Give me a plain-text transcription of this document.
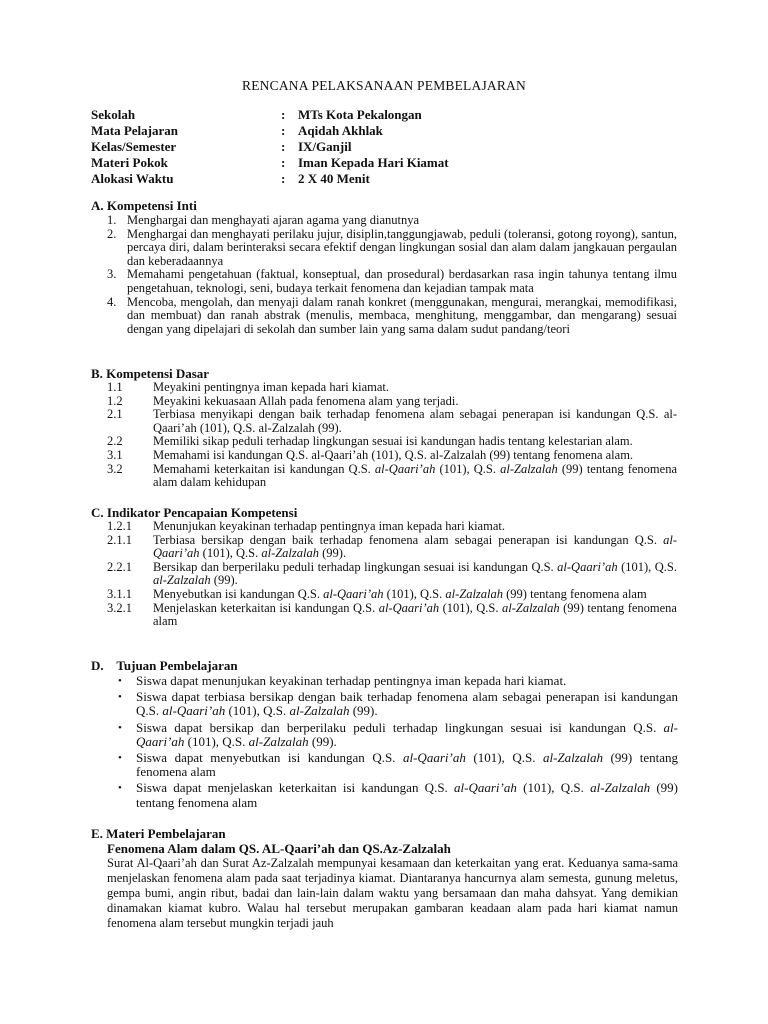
RENCANA PELAKSANAAN PEMBELAJARAN
Sekolah	: MTs Kota Pekalongan
Mata Pelajaran	: Aqidah Akhlak
Kelas/Semester	: IX/Ganjil
Materi Pokok	: Iman Kepada Hari Kiamat
Alokasi Waktu	: 2 X 40 Menit
A. Kompetensi Inti
1. Menghargai dan menghayati ajaran agama yang dianutnya
2. Menghargai dan menghayati perilaku jujur, disiplin,tanggungjawab, peduli (toleransi, gotong royong), santun, percaya diri, dalam berinteraksi secara efektif dengan lingkungan sosial dan alam dalam jangkauan pergaulan dan keberadaannya
3. Memahami pengetahuan (faktual, konseptual, dan prosedural) berdasarkan rasa ingin tahunya tentang ilmu pengetahuan, teknologi, seni, budaya terkait fenomena dan kejadian tampak mata
4. Mencoba, mengolah, dan menyaji dalam ranah konkret (menggunakan, mengurai, merangkai, memodifikasi, dan membuat) dan ranah abstrak (menulis, membaca, menghitung, menggambar, dan mengarang) sesuai dengan yang dipelajari di sekolah dan sumber lain yang sama dalam sudut pandang/teori
B. Kompetensi Dasar
1.1 Meyakini pentingnya iman kepada hari kiamat.
1.2 Meyakini kekuasaan Allah pada fenomena alam yang terjadi.
2.1 Terbiasa menyikapi dengan baik terhadap fenomena alam sebagai penerapan isi kandungan Q.S. al-Qaari’ah (101), Q.S. al-Zalzalah (99).
2.2 Memiliki sikap peduli terhadap lingkungan sesuai isi kandungan hadis tentang kelestarian alam.
3.1 Memahami isi kandungan Q.S. al-Qaari’ah (101), Q.S. al-Zalzalah (99) tentang fenomena alam.
3.2 Memahami keterkaitan isi kandungan Q.S. al-Qaari’ah (101), Q.S. al-Zalzalah (99) tentang fenomena alam dalam kehidupan
C. Indikator Pencapaian Kompetensi
1.2.1 Menunjukan keyakinan terhadap pentingnya iman kepada hari kiamat.
2.1.1 Terbiasa bersikap dengan baik terhadap fenomena alam sebagai penerapan isi kandungan Q.S. al-Qaari’ah (101), Q.S. al-Zalzalah (99).
2.2.1 Bersikap dan berperilaku peduli terhadap lingkungan sesuai isi kandungan Q.S. al-Qaari’ah (101), Q.S. al-Zalzalah (99).
3.1.1 Menyebutkan isi kandungan Q.S. al-Qaari’ah (101), Q.S. al-Zalzalah (99) tentang fenomena alam
3.2.1 Menjelaskan keterkaitan isi kandungan Q.S. al-Qaari’ah (101), Q.S. al-Zalzalah (99) tentang fenomena alam
D.    Tujuan Pembelajaran
• Siswa dapat menunjukan keyakinan terhadap pentingnya iman kepada hari kiamat.
• Siswa dapat terbiasa bersikap dengan baik terhadap fenomena alam sebagai penerapan isi kandungan Q.S. al-Qaari’ah (101), Q.S. al-Zalzalah (99).
• Siswa dapat bersikap dan berperilaku peduli terhadap lingkungan sesuai isi kandungan Q.S. al-Qaari’ah (101), Q.S. al-Zalzalah (99).
• Siswa dapat menyebutkan isi kandungan Q.S. al-Qaari’ah (101), Q.S. al-Zalzalah (99) tentang fenomena alam
• Siswa dapat menjelaskan keterkaitan isi kandungan Q.S. al-Qaari’ah (101), Q.S. al-Zalzalah (99) tentang fenomena alam
E. Materi Pembelajaran
Fenomena Alam dalam QS. AL-Qaari’ah dan QS.Az-Zalzalah
Surat Al-Qaari’ah dan Surat Az-Zalzalah mempunyai kesamaan dan keterkaitan yang erat. Keduanya sama-sama menjelaskan fenomena alam pada saat terjadinya kiamat. Diantaranya hancurnya alam semesta, gunung meletus, gempa bumi, angin ribut, badai dan lain-lain dalam waktu yang bersamaan dan maha dahsyat. Yang demikian dinamakan kiamat kubro. Walau hal tersebut merupakan gambaran keadaan alam pada hari kiamat namun fenomena alam tersebut mungkin terjadi jauh
